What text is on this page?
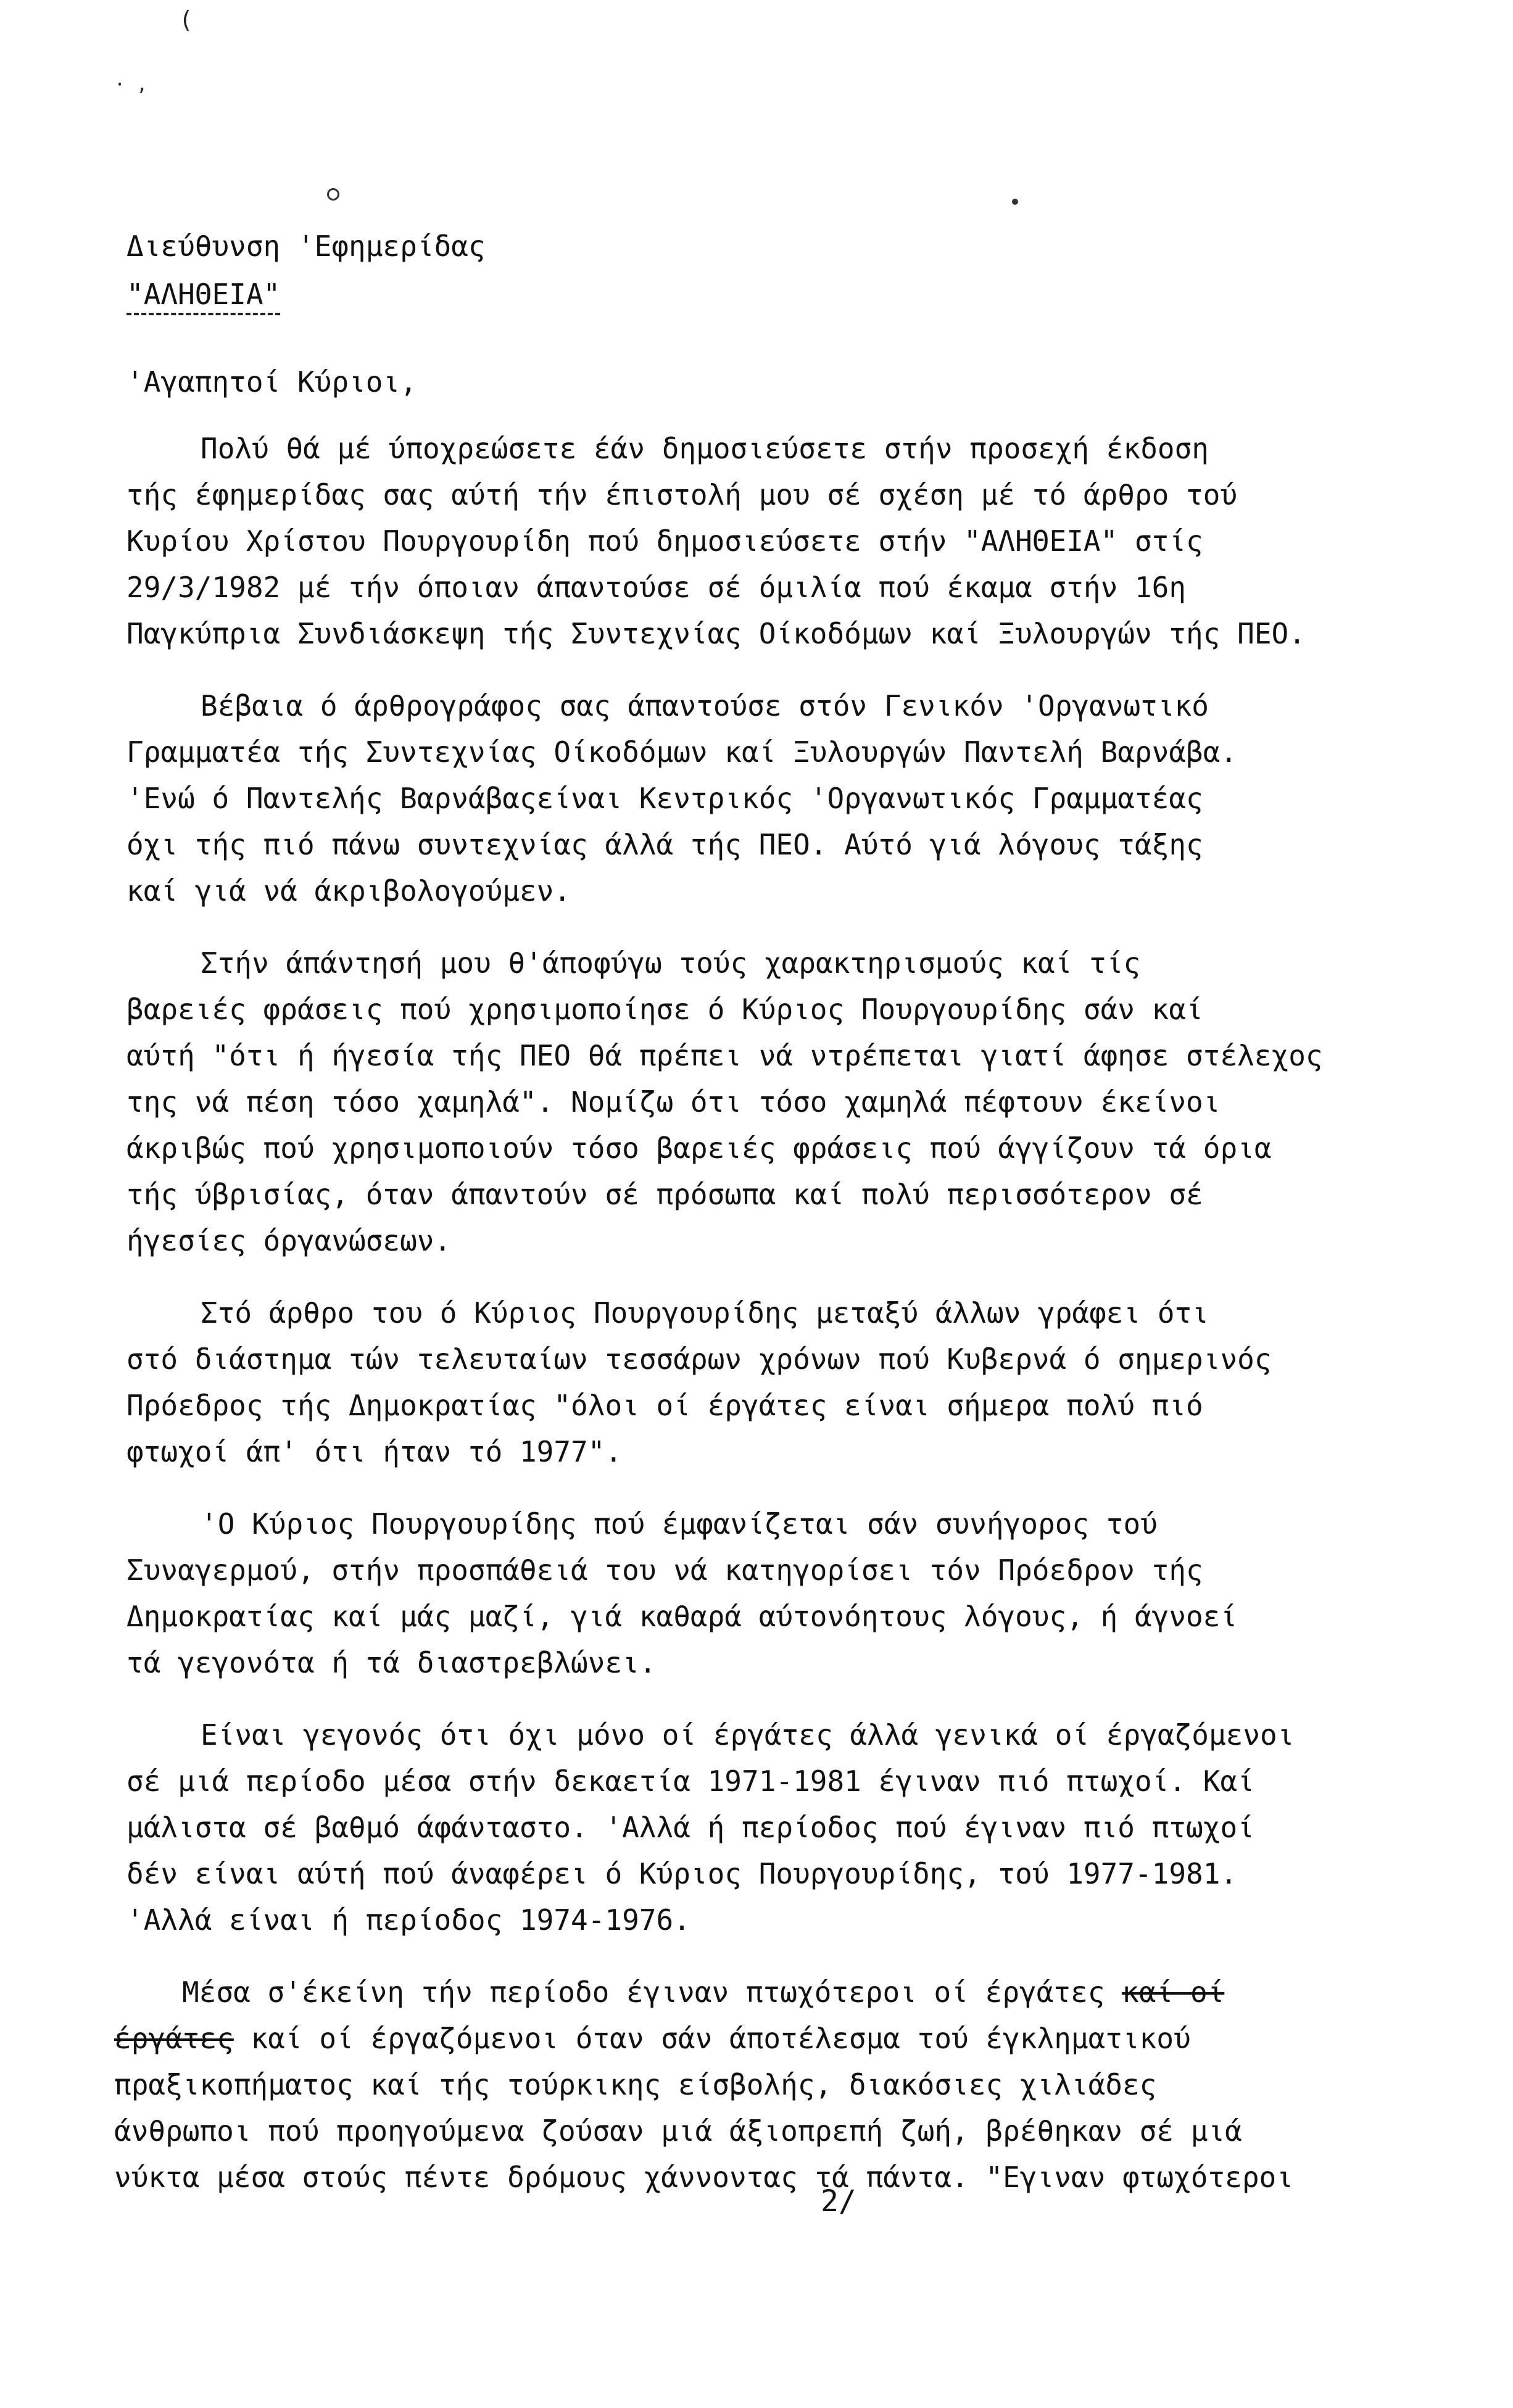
(
· ,
Διεύθυνση 'Εφημερίδας
"ΑΛΗΘΕΙΑ"
'Αγαπητοί Κύριοι,
Πολύ θά μέ ύποχρεώσετε έάν δημοσιεύσετε στήν προσεχή έκδοση
τής έφημερίδας σας αύτή τήν έπιστολή μου σέ σχέση μέ τό άρθρο τού
Κυρίου Χρίστου Πουργουρίδη πού δημοσιεύσετε στήν "ΑΛΗΘΕΙΑ" στίς
29/3/1982 μέ τήν όποιαν άπαντούσε σέ όμιλία πού έκαμα στήν 16η
Παγκύπρια Συνδιάσκεψη τής Συντεχνίας Οίκοδόμων καί Ξυλουργών τής ΠΕΟ.
Βέβαια ό άρθρογράφος σας άπαντούσε στόν Γενικόν 'Οργανωτικό
Γραμματέα τής Συντεχνίας Οίκοδόμων καί Ξυλουργών Παντελή Βαρνάβα.
'Ενώ ό Παντελής Βαρνάβαςείναι Κεντρικός 'Οργανωτικός Γραμματέας
όχι τής πιό πάνω συντεχνίας άλλά τής ΠΕΟ. Αύτό γιά λόγους τάξης
καί γιά νά άκριβολογούμεν.
Στήν άπάντησή μου θ'άποφύγω τούς χαρακτηρισμούς καί τίς
βαρειές φράσεις πού χρησιμοποίησε ό Κύριος Πουργουρίδης σάν καί
αύτή "ότι ή ήγεσία τής ΠΕΟ θά πρέπει νά ντρέπεται γιατί άφησε στέλεχος
της νά πέση τόσο χαμηλά". Νομίζω ότι τόσο χαμηλά πέφτουν έκείνοι
άκριβώς πού χρησιμοποιούν τόσο βαρειές φράσεις πού άγγίζουν τά όρια
τής ύβρισίας, όταν άπαντούν σέ πρόσωπα καί πολύ περισσότερον σέ
ήγεσίες όργανώσεων.
Στό άρθρο του ό Κύριος Πουργουρίδης μεταξύ άλλων γράφει ότι
στό διάστημα τών τελευταίων τεσσάρων χρόνων πού Κυβερνά ό σημερινός
Πρόεδρος τής Δημοκρατίας "όλοι οί έργάτες είναι σήμερα πολύ πιό
φτωχοί άπ' ότι ήταν τό 1977".
'Ο Κύριος Πουργουρίδης πού έμφανίζεται σάν συνήγορος τού
Συναγερμού, στήν προσπάθειά του νά κατηγορίσει τόν Πρόεδρον τής
Δημοκρατίας καί μάς μαζί, γιά καθαρά αύτονόητους λόγους, ή άγνοεί
τά γεγονότα ή τά διαστρεβλώνει.
Είναι γεγονός ότι όχι μόνο οί έργάτες άλλά γενικά οί έργαζόμενοι
σέ μιά περίοδο μέσα στήν δεκαετία 1971-1981 έγιναν πιό πτωχοί. Καί
μάλιστα σέ βαθμό άφάνταστο. 'Αλλά ή περίοδος πού έγιναν πιό πτωχοί
δέν είναι αύτή πού άναφέρει ό Κύριος Πουργουρίδης, τού 1977-1981.
'Αλλά είναι ή περίοδος 1974-1976.
Μέσα σ'έκείνη τήν περίοδο έγιναν πτωχότεροι οί έργάτες καί οί
έργάτες καί οί έργαζόμενοι όταν σάν άποτέλεσμα τού έγκληματικού
πραξικοπήματος καί τής τούρκικης είσβολής, διακόσιες χιλιάδες
άνθρωποι πού προηγούμενα ζούσαν μιά άξιοπρεπή ζωή, βρέθηκαν σέ μιά
νύκτα μέσα στούς πέντε δρόμους χάννοντας τά πάντα. "Εγιναν φτωχότεροι
2/
